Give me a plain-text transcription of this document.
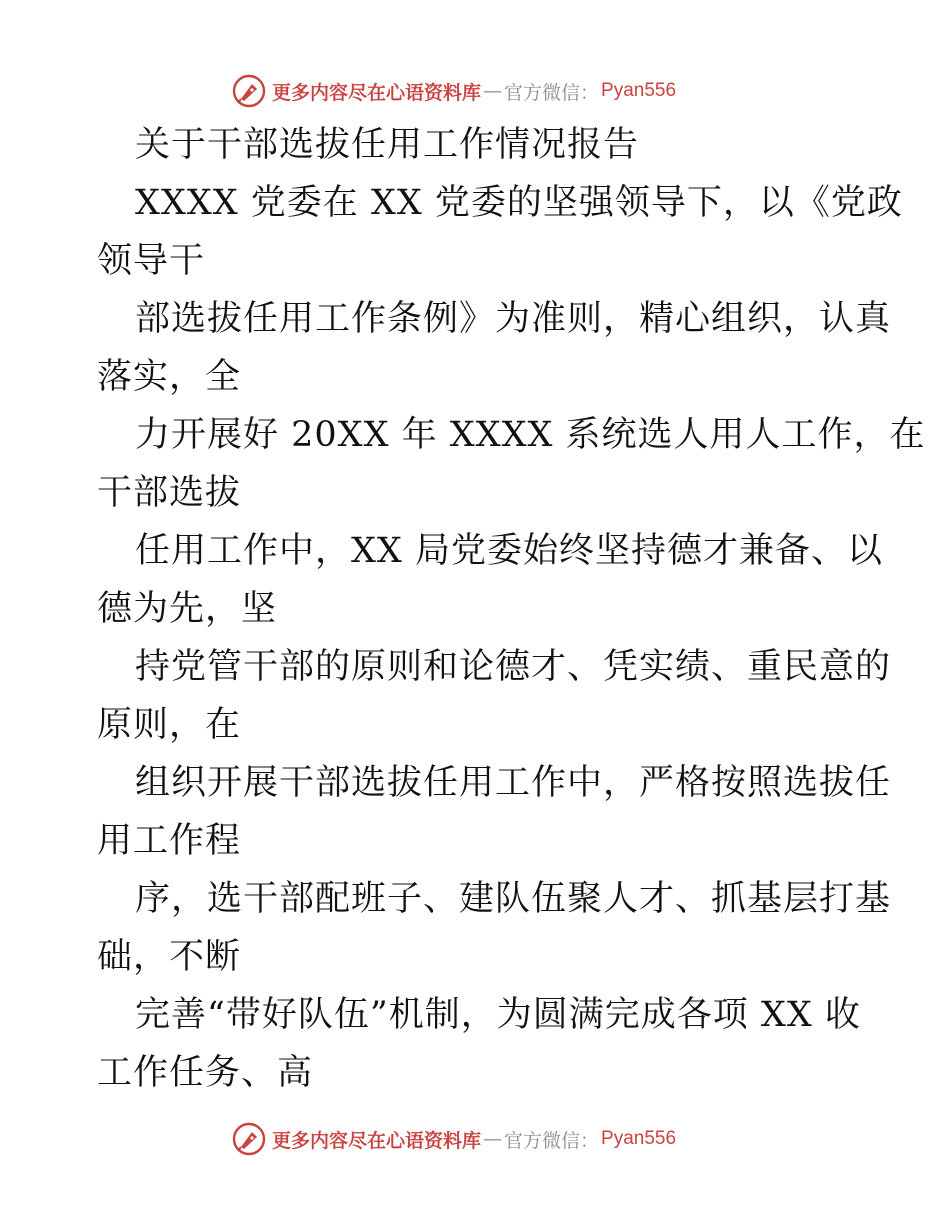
更多内容尽在心语资料库 — 官方微信： Pyan556
关于干部选拔任用工作情况报告
XXXX 党委在 XX 党委的坚强领导下，以《党政
领导干
部选拔任用工作条例》为准则，精心组织，认真
落实，全
力开展好 20XX 年 XXXX 系统选人用人工作，在
干部选拔
任用工作中，XX 局党委始终坚持德才兼备、以
德为先，坚
持党管干部的原则和论德才、凭实绩、重民意的
原则，在
组织开展干部选拔任用工作中，严格按照选拔任
用工作程
序，选干部配班子、建队伍聚人才、抓基层打基
础，不断
完善“带好队伍”机制，为圆满完成各项 XX 收
工作任务、高
更多内容尽在心语资料库 — 官方微信： Pyan556
